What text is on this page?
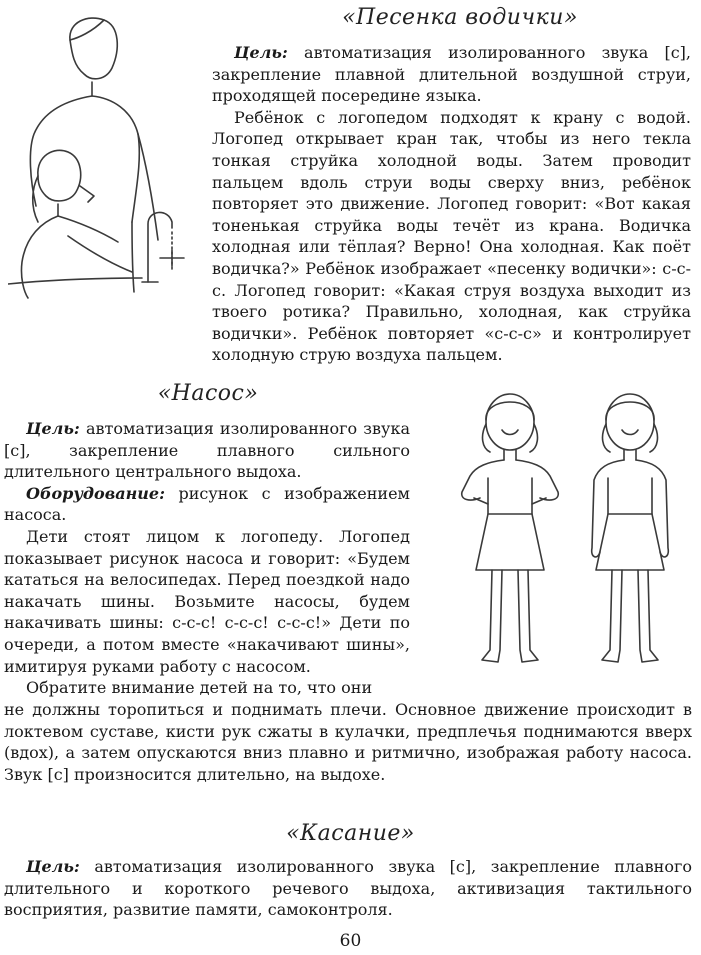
«Песенка водички»

Цель: автоматизация изолированного звука [с], закрепление плавной длительной воздушной струи, проходящей посередине языка.

Ребёнок с логопедом подходят к крану с водой. Логопед открывает кран так, чтобы из него текла тонкая струйка холодной воды. Затем проводит пальцем вдоль струи воды сверху вниз, ребёнок повторяет это движение. Логопед говорит: «Вот какая тоненькая струйка воды течёт из крана. Водичка холодная или тёплая? Верно! Она холодная. Как поёт водичка?» Ребёнок изображает «песенку водички»: с-с-с. Логопед говорит: «Какая струя воздуха выходит из твоего ротика? Правильно, холодная, как струйка водички». Ребёнок повторяет «с-с-с» и контролирует холодную струю воздуха пальцем.

«Насос»

Цель: автоматизация изолированного звука [с], закрепление плавного сильного длительного центрального выдоха.

Оборудование: рисунок с изображением насоса.

Дети стоят лицом к логопеду. Логопед показывает рисунок насоса и говорит: «Будем кататься на велосипедах. Перед поездкой надо накачать шины. Возьмите насосы, будем накачивать шины: с-с-с! с-с-с! с-с-с!» Дети по очереди, а потом вместе «накачивают шины», имитируя руками работу с насосом.

Обратите внимание детей на то, что они

не должны торопиться и поднимать плечи. Основное движение происходит в локтевом суставе, кисти рук сжаты в кулачки, предплечья поднимаются вверх (вдох), а затем опускаются вниз плавно и ритмично, изображая работу насоса. Звук [с] произносится длительно, на выдохе.

«Касание»

Цель: автоматизация изолированного звука [с], закрепление плавного длительного и короткого речевого выдоха, активизация тактильного восприятия, развитие памяти, самоконтроля.

60
